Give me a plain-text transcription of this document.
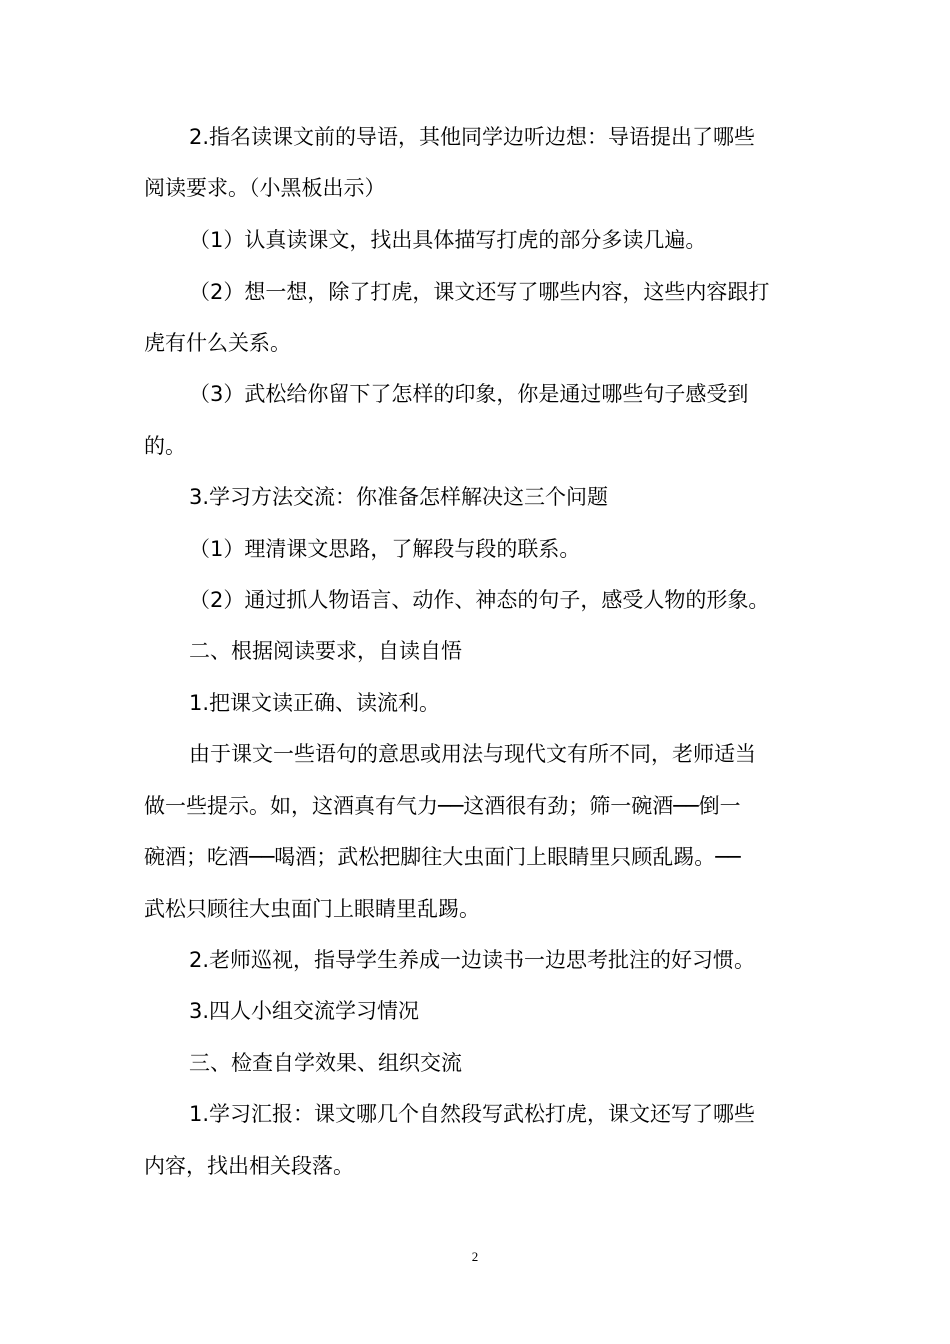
2.指名读课文前的导语，其他同学边听边想：导语提出了哪些

阅读要求。（小黑板出示）

（1）认真读课文，找出具体描写打虎的部分多读几遍。

（2）想一想，除了打虎，课文还写了哪些内容，这些内容跟打

虎有什么关系。

（3）武松给你留下了怎样的印象，你是通过哪些句子感受到

的。

3.学习方法交流：你准备怎样解决这三个问题

（1）理清课文思路，了解段与段的联系。

（2）通过抓人物语言、动作、神态的句子，感受人物的形象。

二、根据阅读要求，自读自悟

1.把课文读正确、读流利。

由于课文一些语句的意思或用法与现代文有所不同，老师适当

做一些提示。如，这酒真有气力──这酒很有劲；筛一碗酒──倒一

碗酒；吃酒──喝酒；武松把脚往大虫面门上眼睛里只顾乱踢。──

武松只顾往大虫面门上眼睛里乱踢。

2.老师巡视，指导学生养成一边读书一边思考批注的好习惯。

3.四人小组交流学习情况

三、检查自学效果、组织交流

1.学习汇报：课文哪几个自然段写武松打虎，课文还写了哪些

内容，找出相关段落。

2
